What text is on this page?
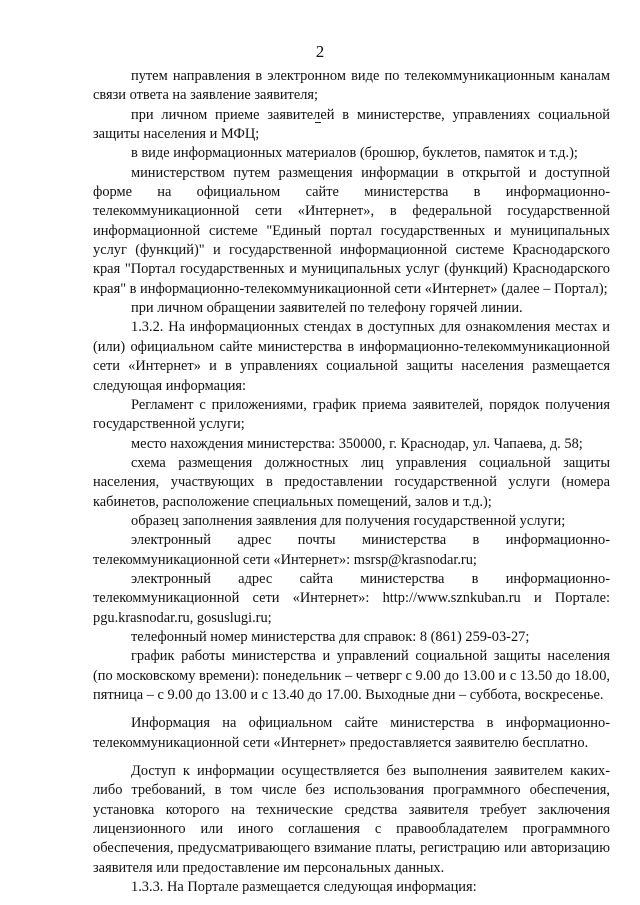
2

путем направления в электронном виде по телекоммуникационным каналам связи ответа на заявление заявителя;

при личном приеме заявителей в министерстве, управлениях социальной защиты населения и МФЦ;

в виде информационных материалов (брошюр, буклетов, памяток и т.д.);

министерством путем размещения информации в открытой и доступной форме на официальном сайте министерства в информационно-телекоммуникационной сети «Интернет», в федеральной государственной информационной системе "Единый портал государственных и муниципальных услуг (функций)" и государственной информационной системе Краснодарского края "Портал государственных и муниципальных услуг (функций) Краснодарского края" в информационно-телекоммуникационной сети «Интернет» (далее – Портал);

при личном обращении заявителей по телефону горячей линии.

1.3.2. На информационных стендах в доступных для ознакомления местах и (или) официальном сайте министерства в информационно-телекоммуникационной сети «Интернет» и в управлениях социальной защиты населения размещается следующая информация:

Регламент с приложениями, график приема заявителей, порядок получения государственной услуги;

место нахождения министерства: 350000, г. Краснодар, ул. Чапаева, д. 58;

схема размещения должностных лиц управления социальной защиты населения, участвующих в предоставлении государственной услуги (номера кабинетов, расположение специальных помещений, залов и т.д.);

образец заполнения заявления для получения государственной услуги;

электронный адрес почты министерства в информационно-телекоммуникационной сети «Интернет»: msrsp@krasnodar.ru;

электронный адрес сайта министерства в информационно-телекоммуникационной сети «Интернет»: http://www.sznkuban.ru и Портале: pgu.krasnodar.ru, gosuslugi.ru;

телефонный номер министерства для справок: 8 (861) 259-03-27;

график работы министерства и управлений социальной защиты населения (по московскому времени): понедельник – четверг с 9.00 до 13.00 и с 13.50 до 18.00, пятница – с 9.00 до 13.00 и с 13.40 до 17.00. Выходные дни – суббота, воскресенье.

Информация на официальном сайте министерства в информационно-телекоммуникационной сети «Интернет» предоставляется заявителю бесплатно.

Доступ к информации осуществляется без выполнения заявителем каких-либо требований, в том числе без использования программного обеспечения, установка которого на технические средства заявителя требует заключения лицензионного или иного соглашения с правообладателем программного обеспечения, предусматривающего взимание платы, регистрацию или авторизацию заявителя или предоставление им персональных данных.

1.3.3. На Портале размещается следующая информация:
